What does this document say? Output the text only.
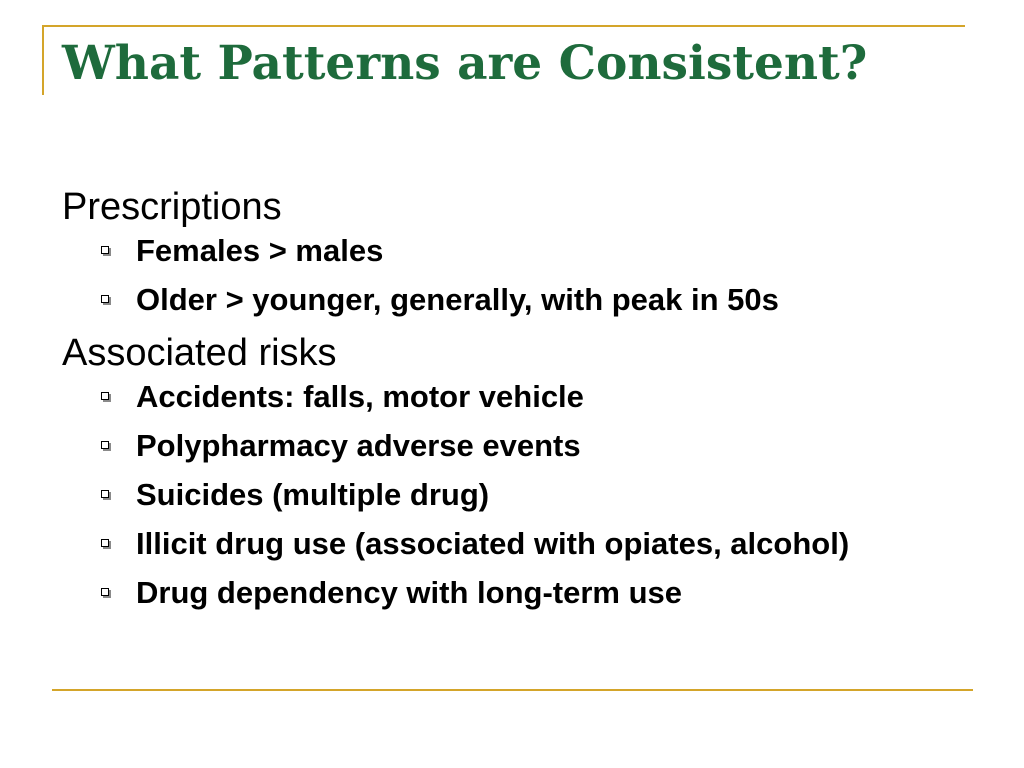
What Patterns are Consistent?

Prescriptions

Females > males
Older > younger, generally, with peak in 50s

Associated risks

Accidents: falls, motor vehicle
Polypharmacy adverse events
Suicides (multiple drug)
Illicit drug use (associated with opiates, alcohol)
Drug dependency with long-term use
